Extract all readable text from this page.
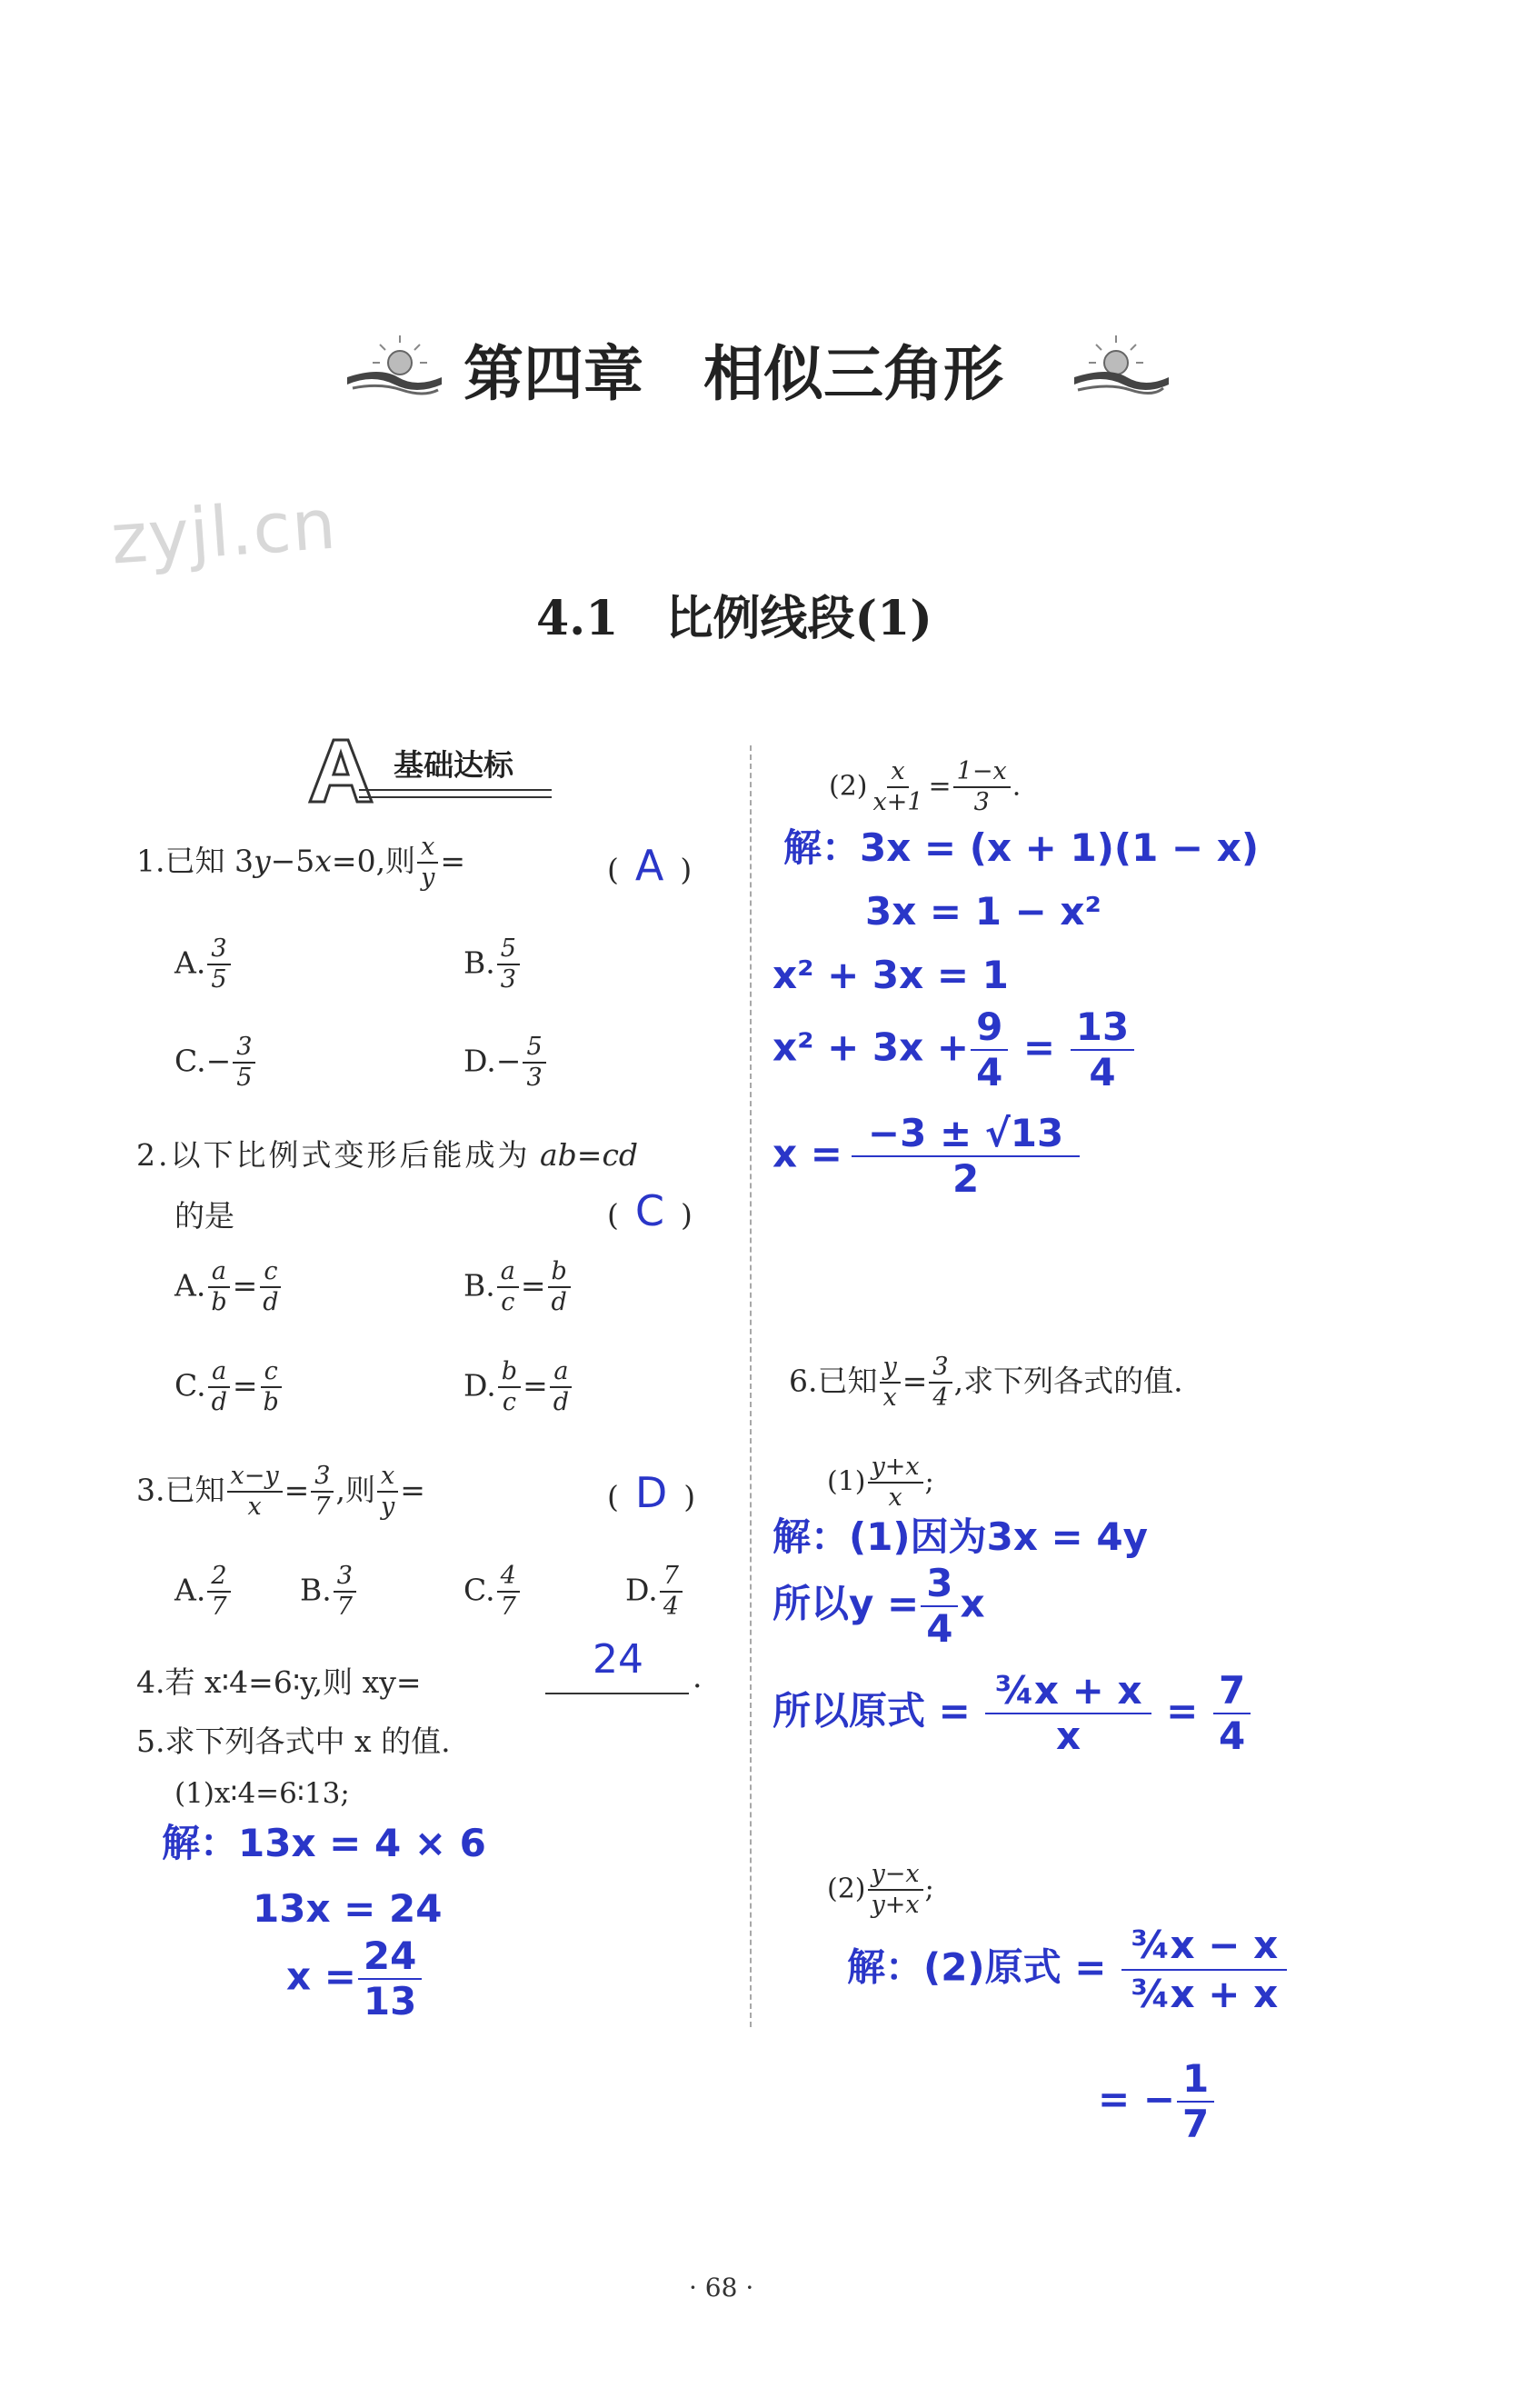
第四章　相似三角形
zyjl.cn
4.1　比例线段(1)
基础达标
1.已知 3y−5x=0,则 $\frac{x}{y}$ =	( A )
A. $\frac{3}{5}$	B. $\frac{5}{3}$
$C.- \frac{3}{5}$	$D.- \frac{5}{3}$
2.以下比例式变形后能成为 ab=cd
的是	( C )
A. $\frac{a}{b} = \frac{c}{d}$	B. $\frac{a}{c} = \frac{b}{d}$
C. $\frac{a}{d} = \frac{c}{b}$	D. $\frac{b}{c} = \frac{a}{d}$
3.已知 $\frac{x-y}{x} = \frac{3}{7}$ ,则 $\frac{x}{y}$ =	( D )
A. $\frac{2}{7} B$. $\frac{3}{7}$	C. $\frac{4}{7}$	D. $\frac{7}{4}$
4.若 x∶4=6∶y,则 xy=	24 .
5.求下列各式中 x 的值.
(1)x∶4=6∶13;
解：13x = 4 × 6
13x = 24
$x = \frac{24}{13}$
$(2) \frac{x}{x+1} = \frac{1-x}{3}$ .
解：3x = (x + 1)(1 − x)
3x = 1 − x²
x² + 3x = 1
$x^2 + 3x + \frac{9}{4} = \frac{13}{4}$
$x = \frac{-3 \pm √13}{2}$
6.已知 $\frac{y}{x} = \frac{3}{4}$ ,求下列各式的值.
$(1) \frac{y+x}{x}$ ;
解：(1)因为3x = 4y
所以$y = \frac{3}{4}$ x
所以原式 = $\frac{\text{¾x + x}}{x} = \frac{7}{4}$
$(2) \frac{y-x}{y+x}$ ;
解：(2)原式 = $\frac{\text{¾x − x}}{\text{¾x + x}}$
= − $\frac{1}{7}$
· 68 ·
